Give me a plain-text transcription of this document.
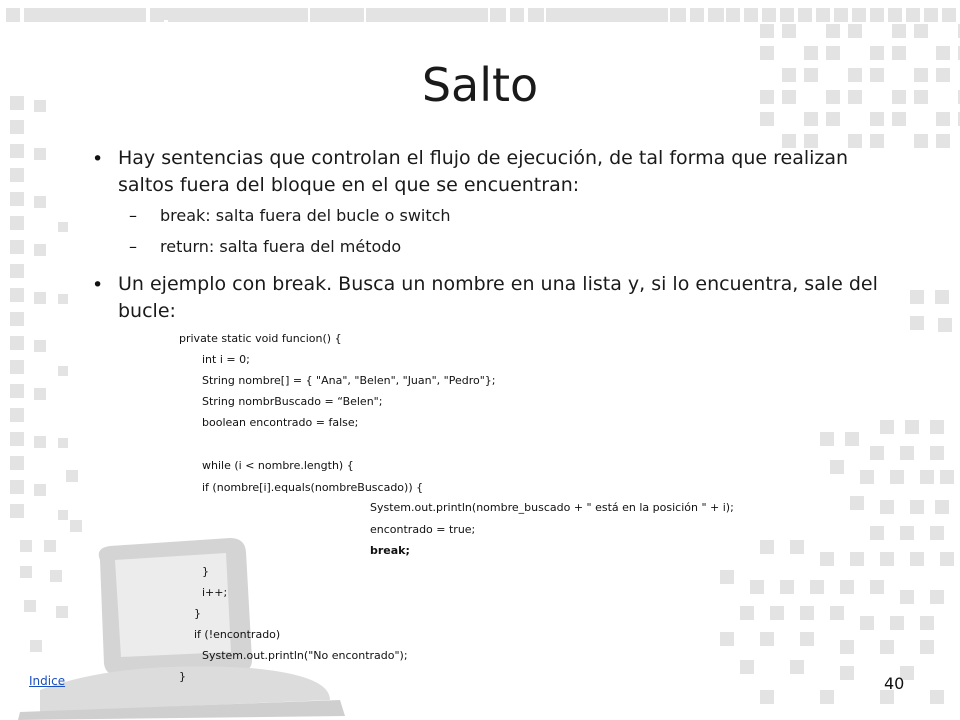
Salto
• Hay sentencias que controlan el flujo de ejecución, de tal forma que realizan saltos fuera del bloque en el que se encuentran:
– break: salta fuera del bucle o switch
– return: salta fuera del método
• Un ejemplo con break. Busca un nombre en una lista y, si lo encuentra, sale del bucle:
private static void funcion() {
int i = 0;
String nombre[] = { "Ana", "Belen", "Juan", "Pedro"};
String nombrBuscado = “Belen";
boolean encontrado = false;
while (i < nombre.length) {
if (nombre[i].equals(nombreBuscado)) {
System.out.println(nombre_buscado + " está en la posición " + i);
encontrado = true;
break;
}
i++;
}
if (!encontrado)
System.out.println("No encontrado");
}
Indice	40
